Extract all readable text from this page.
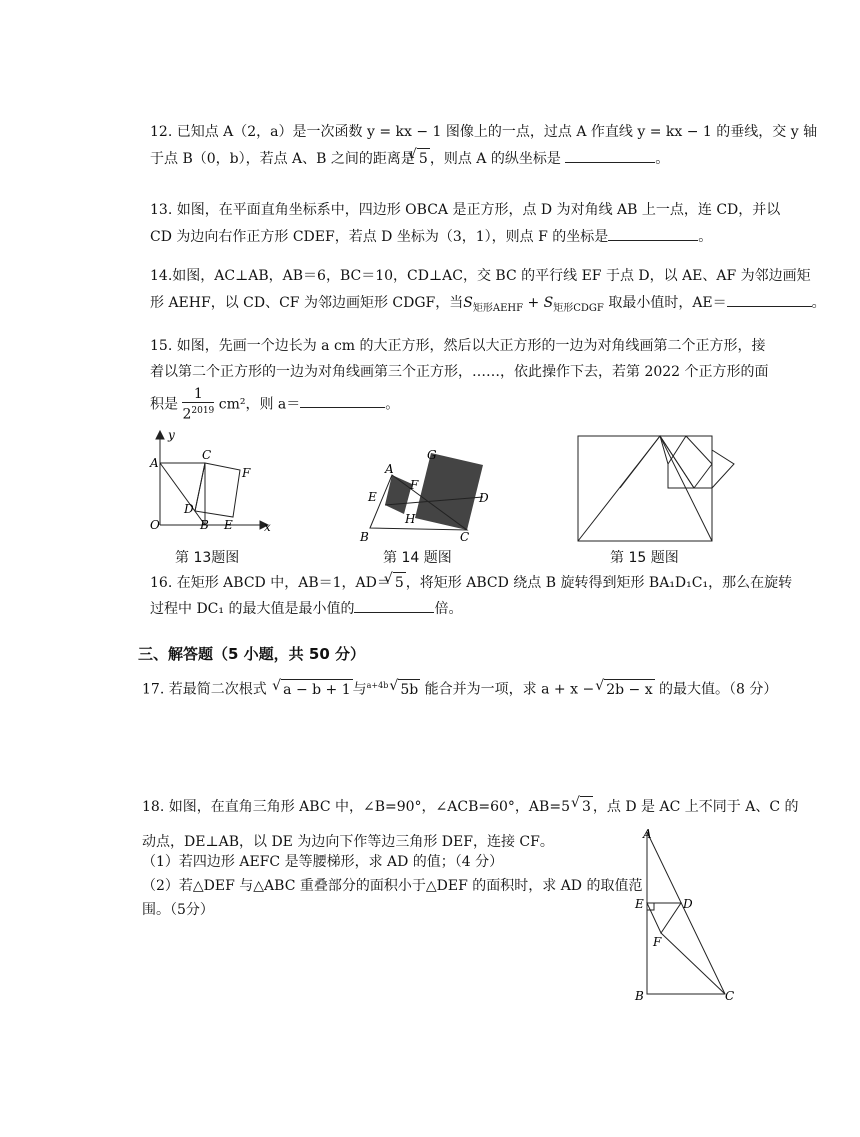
12. 已知点 A（2，a）是一次函数 y = kx − 1 图像上的一点，过点 A 作直线 y = kx − 1 的垂线，交 y 轴
于点 B（0，b），若点 A、B 之间的距离是 √ 5 ，则点 A 的纵坐标是	。
13. 如图，在平面直角坐标系中，四边形 OBCA 是正方形，点 D 为对角线 AB 上一点，连 CD，并以
CD 为边向右作正方形 CDEF，若点 D 坐标为（3，1），则点 F 的坐标是	。
14.如图，AC⊥AB，AB＝6，BC＝10，CD⊥AC，交 BC 的平行线 EF 于点 D，以 AE、AF 为邻边画矩
形 AEHF，以 CD、CF 为邻边画矩形 CDGF，当$S_{矩形AEHF} + S_{矩形CDGF}$ 取最小值时，AE＝	。
15. 如图，先画一个边长为 a cm 的大正方形，然后以大正方形的一边为对角线画第二个正方形，接
着以第二个正方形的一边为对角线画第三个正方形，……，依此操作下去，若第 2022 个正方形的面
积是 $\frac{1}{2^{2019}} cm^2$，则 a＝	。
A
C
F
D
O	B E
y
x
第 13题图
A
G
E
F
D
H
B	C
第 14 题图	第 15 题图
16. 在矩形 ABCD 中，AB＝1，AD＝ √ 5 ，将矩形 ABCD 绕点 B 旋转得到矩形 BA₁D₁C₁，那么在旋转
过程中 DC₁ 的最大值是最小值的	倍。
三、解答题（5 小题，共 50 分）
17. 若最简二次根式 √ a − b + 1 与$^{a+4b}$ √ 5b 能合并为一项，求 a + x − √ 2b − x 的最大值。（8 分）
18. 如图，在直角三角形 ABC 中，∠B=90°，∠ACB=60°，AB=5 √ 3 ，点 D 是 AC 上不同于 A、C 的
动点，DE⊥AB，以 DE 为边向下作等边三角形 DEF，连接 CF。
（1）若四边形 AEFC 是等腰梯形，求 AD 的值；（4 分）
（2）若△DEF 与△ABC 重叠部分的面积小于△DEF 的面积时，求 AD 的取值范
围。（5分）
A
E	D
F
B	C
